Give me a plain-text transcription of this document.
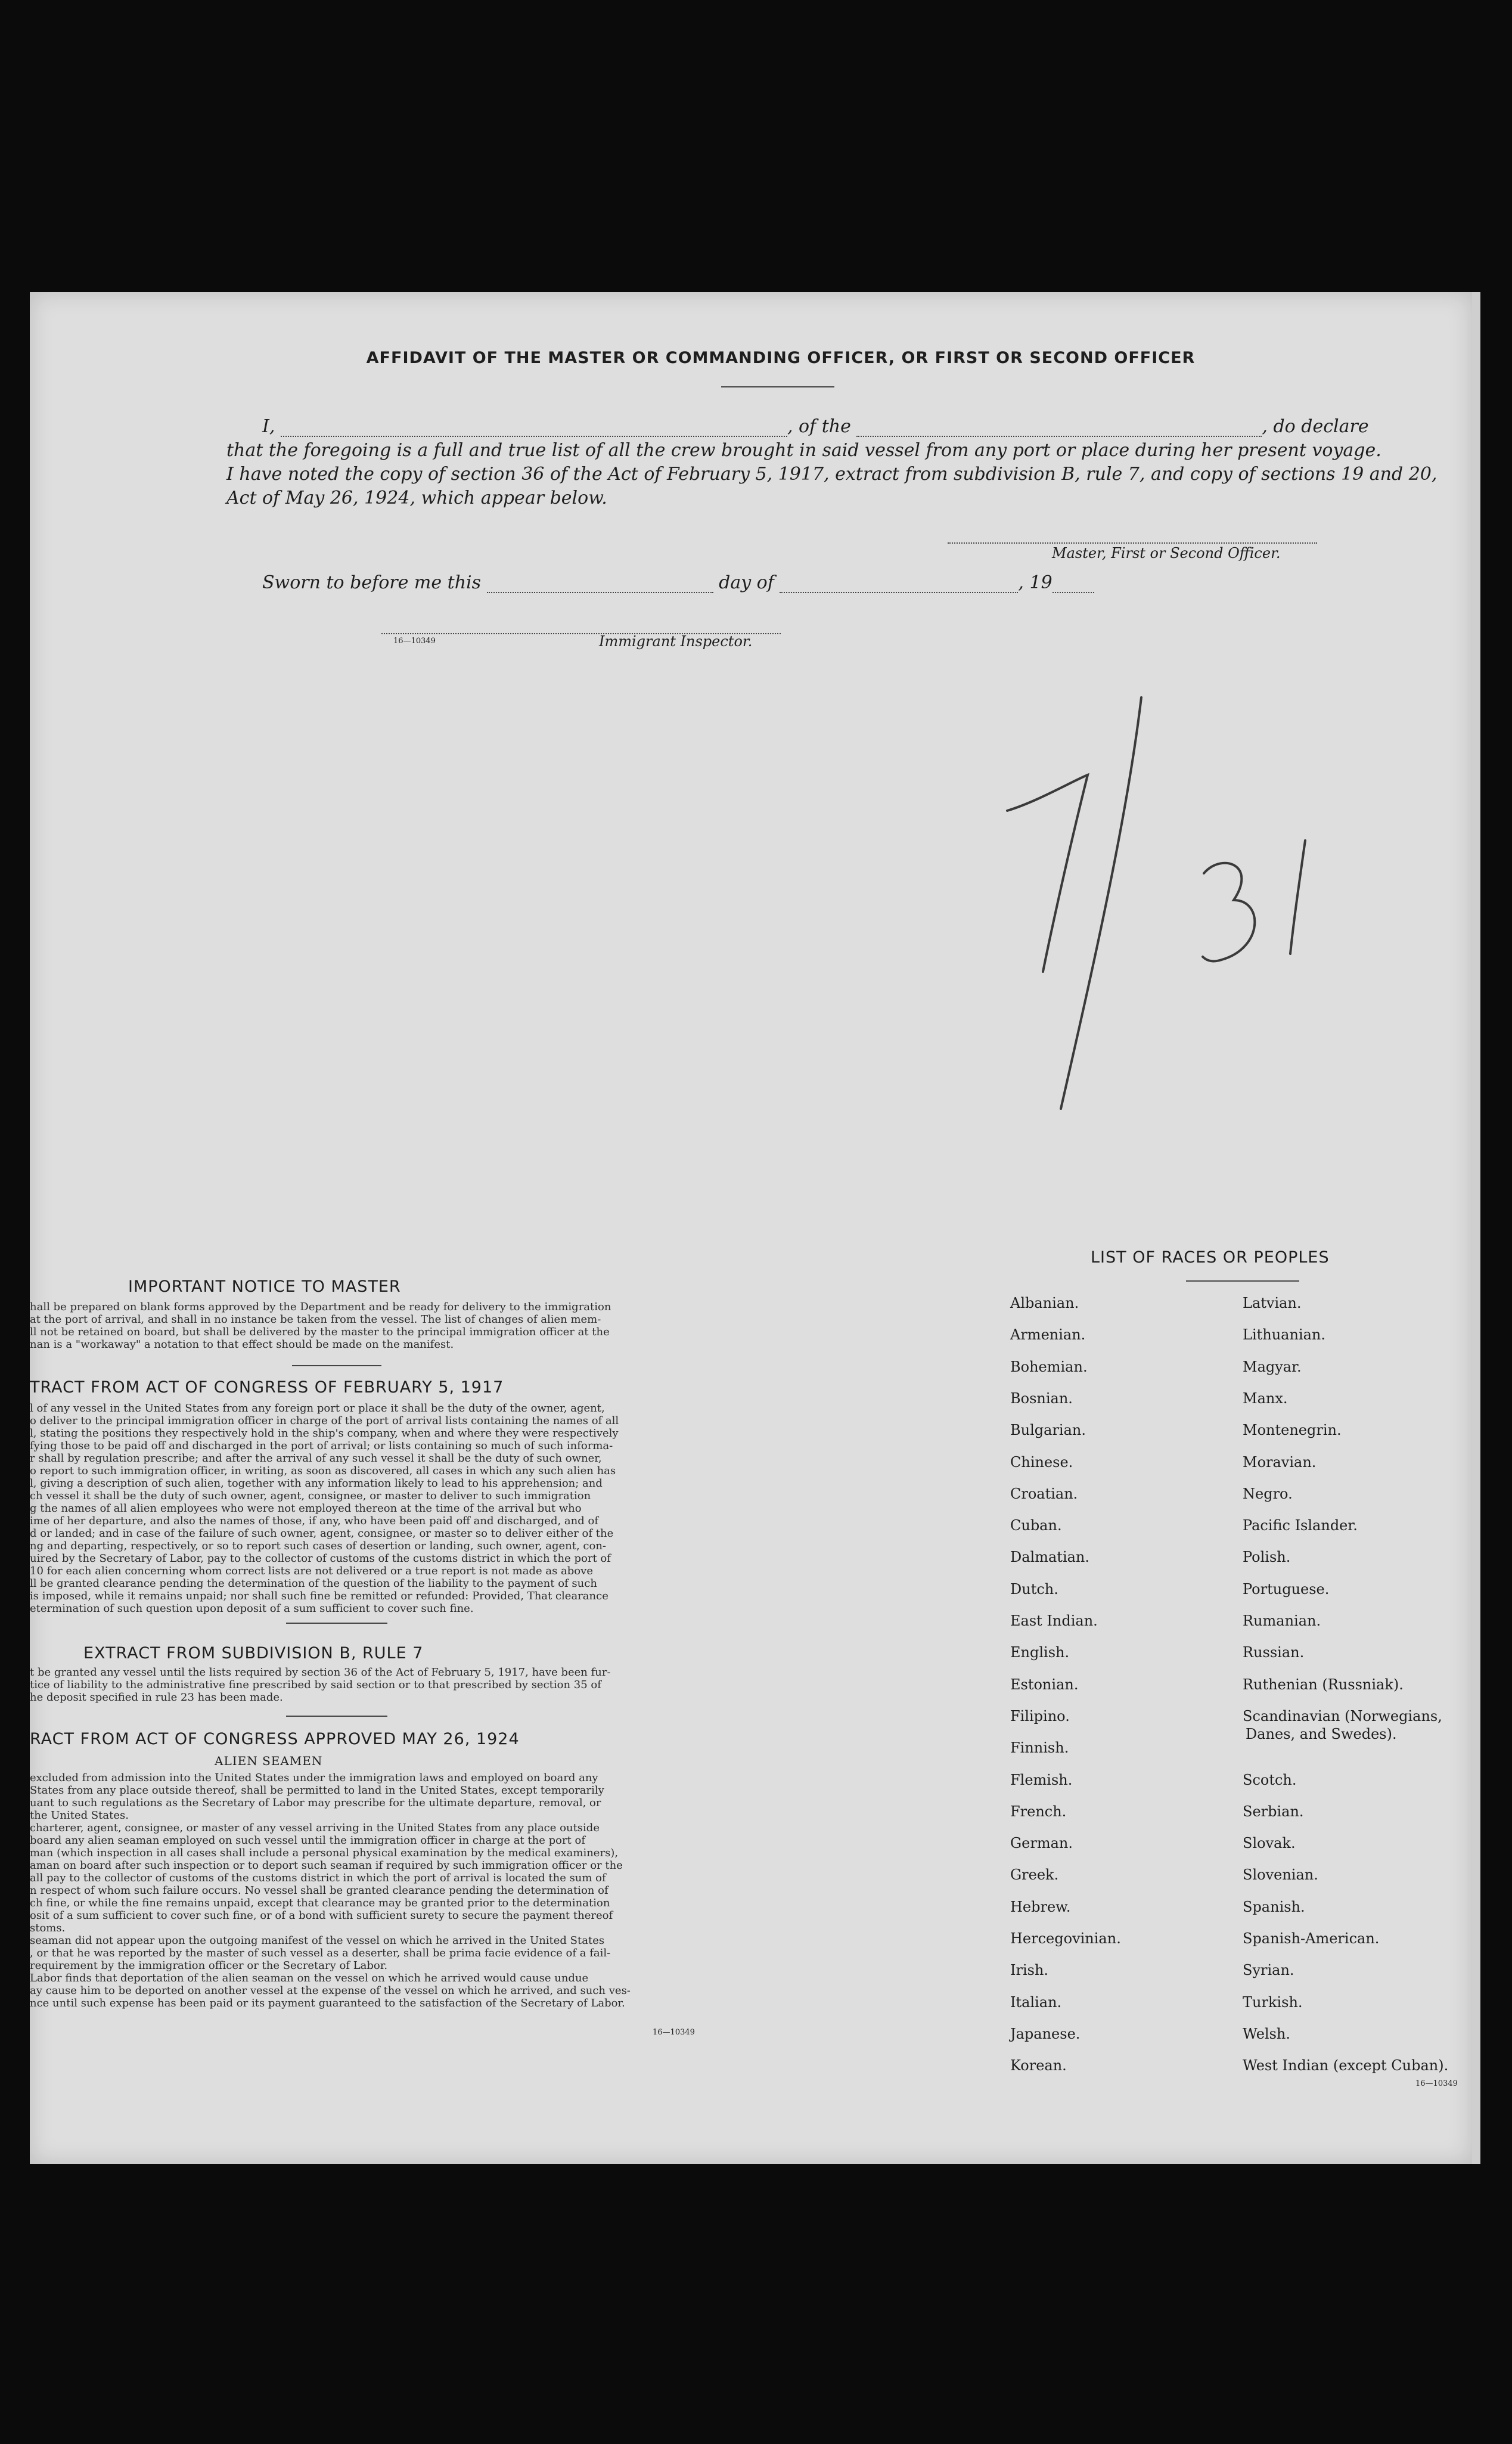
AFFIDAVIT OF THE MASTER OR COMMANDING OFFICER, OR FIRST OR SECOND OFFICER
I,	, of the	, do declare
that the foregoing is a full and true list of all the crew brought in said vessel from any port or place during her present voyage.
I have noted the copy of section 36 of the Act of February 5, 1917, extract from subdivision B, rule 7, and copy of sections 19 and 20,
Act of May 26, 1924, which appear below.
Master, First or Second Officer.
Sworn to before me this	day of	, 19
16—10349	Immigrant Inspector.
IMPORTANT NOTICE TO MASTER
hall be prepared on blank forms approved by the Department and be ready for delivery to the immigration
at the port of arrival, and shall in no instance be taken from the vessel. The list of changes of alien mem-
ll not be retained on board, but shall be delivered by the master to the principal immigration officer at the
nan is a "workaway" a notation to that effect should be made on the manifest.
TRACT FROM ACT OF CONGRESS OF FEBRUARY 5, 1917
l of any vessel in the United States from any foreign port or place it shall be the duty of the owner, agent,
o deliver to the principal immigration officer in charge of the port of arrival lists containing the names of all
l, stating the positions they respectively hold in the ship's company, when and where they were respectively
fying those to be paid off and discharged in the port of arrival; or lists containing so much of such informa-
r shall by regulation prescribe; and after the arrival of any such vessel it shall be the duty of such owner,
o report to such immigration officer, in writing, as soon as discovered, all cases in which any such alien has
l, giving a description of such alien, together with any information likely to lead to his apprehension; and
ch vessel it shall be the duty of such owner, agent, consignee, or master to deliver to such immigration
g the names of all alien employees who were not employed thereon at the time of the arrival but who
ime of her departure, and also the names of those, if any, who have been paid off and discharged, and of
d or landed; and in case of the failure of such owner, agent, consignee, or master so to deliver either of the
ng and departing, respectively, or so to report such cases of desertion or landing, such owner, agent, con-
uired by the Secretary of Labor, pay to the collector of customs of the customs district in which the port of
10 for each alien concerning whom correct lists are not delivered or a true report is not made as above
ll be granted clearance pending the determination of the question of the liability to the payment of such
is imposed, while it remains unpaid; nor shall such fine be remitted or refunded: Provided, That clearance
etermination of such question upon deposit of a sum sufficient to cover such fine.
EXTRACT FROM SUBDIVISION B, RULE 7
t be granted any vessel until the lists required by section 36 of the Act of February 5, 1917, have been fur-
tice of liability to the administrative fine prescribed by said section or to that prescribed by section 35 of
he deposit specified in rule 23 has been made.
RACT FROM ACT OF CONGRESS APPROVED MAY 26, 1924
ALIEN SEAMEN
excluded from admission into the United States under the immigration laws and employed on board any
States from any place outside thereof, shall be permitted to land in the United States, except temporarily
uant to such regulations as the Secretary of Labor may prescribe for the ultimate departure, removal, or
the United States.
charterer, agent, consignee, or master of any vessel arriving in the United States from any place outside
board any alien seaman employed on such vessel until the immigration officer in charge at the port of
man (which inspection in all cases shall include a personal physical examination by the medical examiners),
aman on board after such inspection or to deport such seaman if required by such immigration officer or the
all pay to the collector of customs of the customs district in which the port of arrival is located the sum of
n respect of whom such failure occurs. No vessel shall be granted clearance pending the determination of
ch fine, or while the fine remains unpaid, except that clearance may be granted prior to the determination
osit of a sum sufficient to cover such fine, or of a bond with sufficient surety to secure the payment thereof
stoms.
seaman did not appear upon the outgoing manifest of the vessel on which he arrived in the United States
, or that he was reported by the master of such vessel as a deserter, shall be prima facie evidence of a fail-
requirement by the immigration officer or the Secretary of Labor.
Labor finds that deportation of the alien seaman on the vessel on which he arrived would cause undue
ay cause him to be deported on another vessel at the expense of the vessel on which he arrived, and such ves-
nce until such expense has been paid or its payment guaranteed to the satisfaction of the Secretary of Labor.
16—10349
LIST OF RACES OR PEOPLES
Albanian.
Armenian.
Bohemian.
Bosnian.
Bulgarian.
Chinese.
Croatian.
Cuban.
Dalmatian.
Dutch.
East Indian.
English.
Estonian.
Filipino.
Finnish.
Flemish.
French.
German.
Greek.
Hebrew.
Hercegovinian.
Irish.
Italian.
Japanese.
Korean.
Latvian.
Lithuanian.
Magyar.
Manx.
Montenegrin.
Moravian.
Negro.
Pacific Islander.
Polish.
Portuguese.
Rumanian.
Russian.
Ruthenian (Russniak).
Scandinavian (Norwegians,
Danes, and Swedes).
Scotch.
Serbian.
Slovak.
Slovenian.
Spanish.
Spanish-American.
Syrian.
Turkish.
Welsh.
West Indian (except Cuban).
16—10349
